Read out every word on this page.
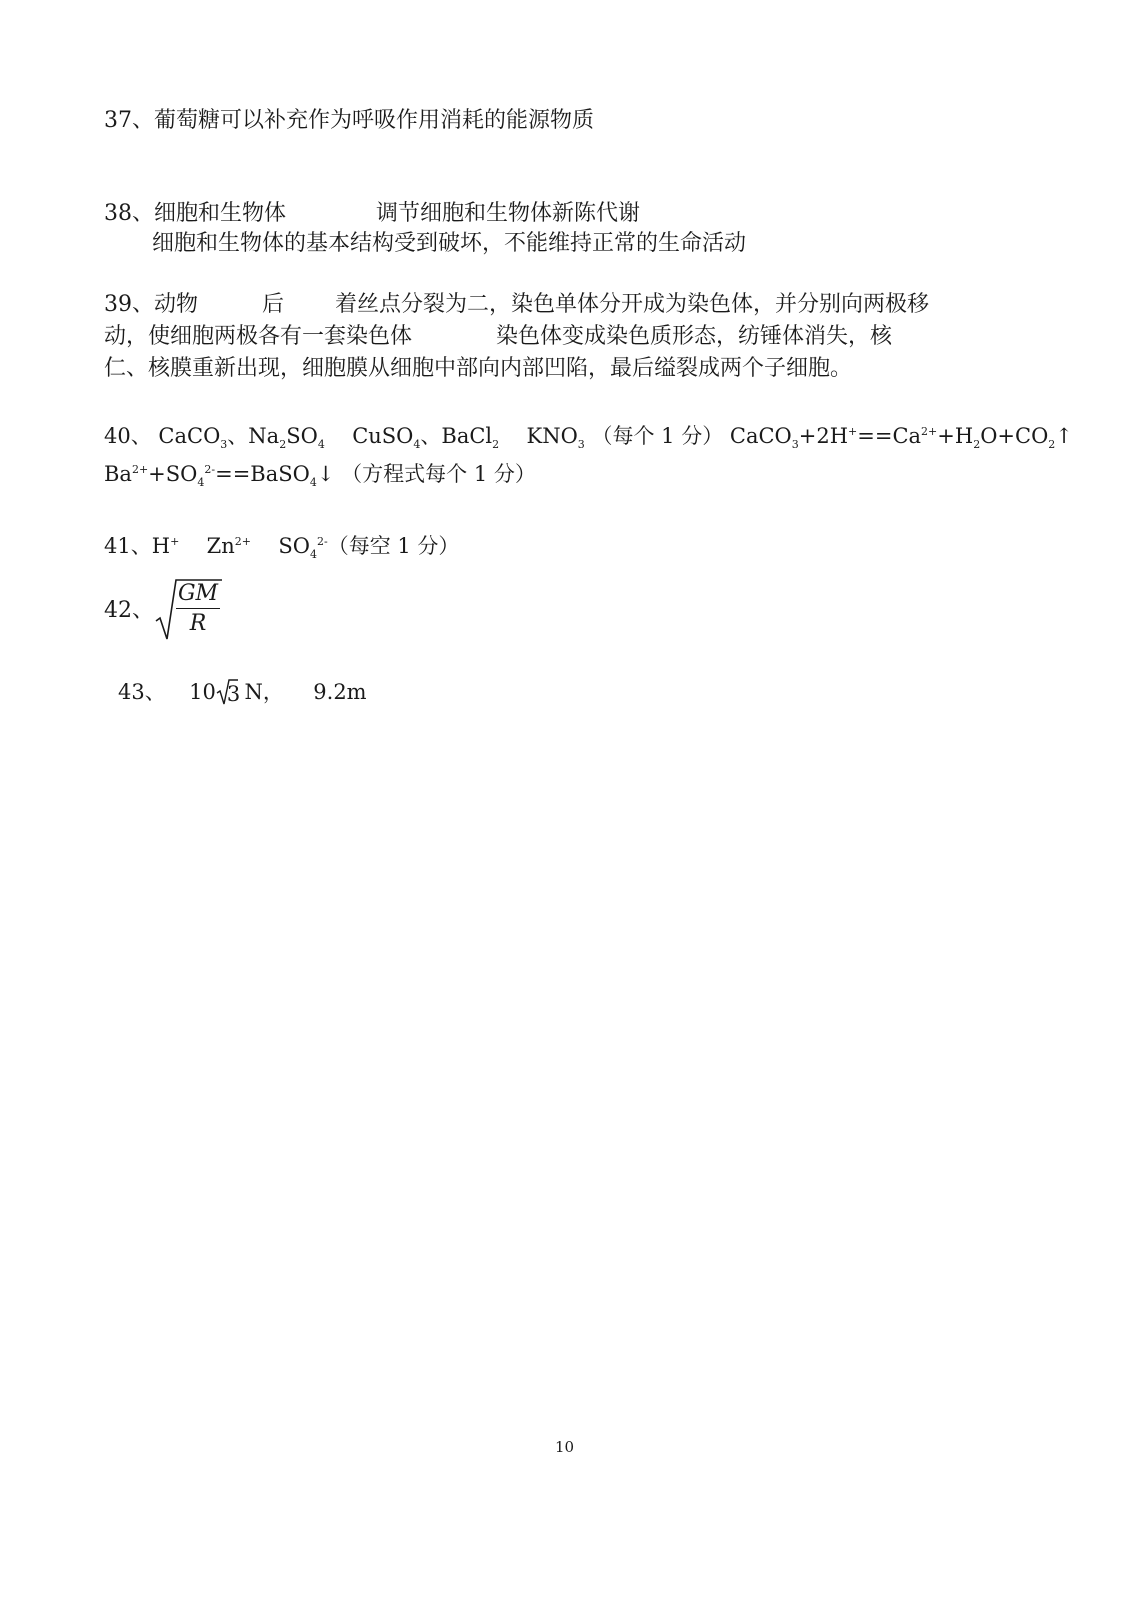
37、葡萄糖可以补充作为呼吸作用消耗的能源物质
38、细胞和生物体	调节细胞和生物体新陈代谢
细胞和生物体的基本结构受到破坏，不能维持正常的生命活动
39、动物	后 着丝点分裂为二，染色单体分开成为染色体，并分别向两极移
动，使细胞两极各有一套染色体	染色体变成染色质形态，纺锤体消失，核
仁、核膜重新出现，细胞膜从细胞中部向内部凹陷，最后缢裂成两个子细胞。
40、 CaCO$_3$、$Na_2SO_4$ CuSO$_4$、BaCl$_2$ $KNO_3$ （每个 1 分） $CaCO_3+2H^+==Ca^{2+}+H_2O+CO_2↑$
$Ba^{2+}+SO_4^{2-}==BaSO_4↓$ （方程式每个 1 分）
41、H+ $Zn^{2+}$ $SO_4^{2-}$（每空 1 分）
42、
GM
R
43、 10 3 N， 9.2m
10
